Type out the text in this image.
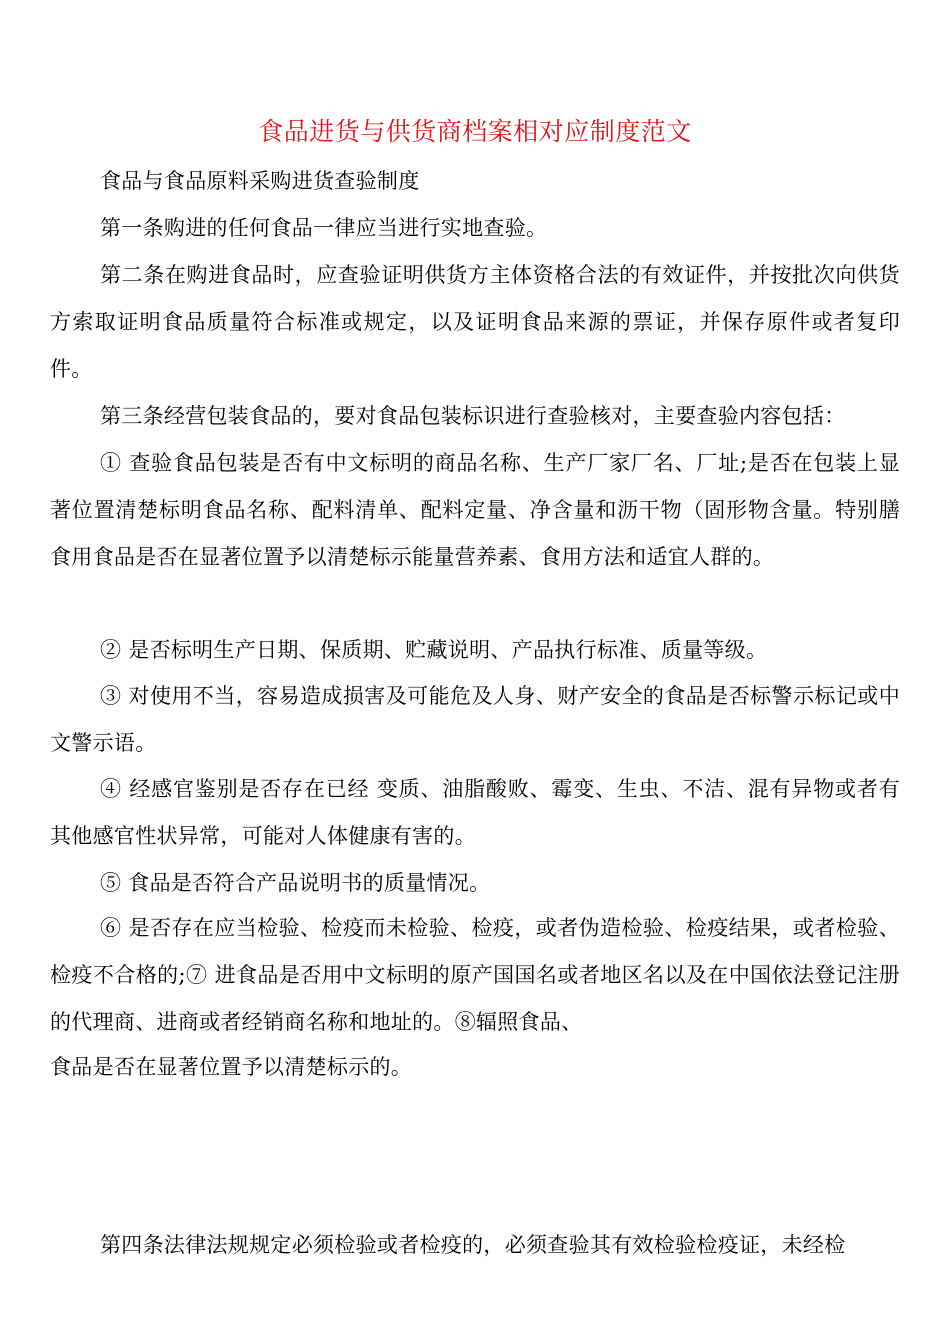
食品进货与供货商档案相对应制度范文
食品与食品原料采购进货查验制度
第一条购进的任何食品一律应当进行实地查验。
第二条在购进食品时，应查验证明供货方主体资格合法的有效证件，并按批次向供货方索取证明食品质量符合标准或规定，以及证明食品来源的票证，并保存原件或者复印件。
第三条经营包装食品的，要对食品包装标识进行查验核对，主要查验内容包括：
① 查验食品包装是否有中文标明的商品名称、生产厂家厂名、厂址;是否在包装上显著位置清楚标明食品名称、配料清单、配料定量、净含量和沥干物（固形物含量。特别膳食用食品是否在显著位置予以清楚标示能量营养素、食用方法和适宜人群的。
② 是否标明生产日期、保质期、贮藏说明、产品执行标准、质量等级。
③ 对使用不当，容易造成损害及可能危及人身、财产安全的食品是否标警示标记或中文警示语。
④ 经感官鉴别是否存在已经 变质、油脂酸败、霉变、生虫、不洁、混有异物或者有其他感官性状异常，可能对人体健康有害的。
⑤ 食品是否符合产品说明书的质量情况。
⑥ 是否存在应当检验、检疫而未检验、检疫，或者伪造检验、检疫结果，或者检验、检疫不合格的;⑦ 进食品是否用中文标明的原产国国名或者地区名以及在中国依法登记注册的代理商、进商或者经销商名称和地址的。⑧辐照食品、
食品是否在显著位置予以清楚标示的。
第四条法律法规规定必须检验或者检疫的，必须查验其有效检验检疫证，未经检
